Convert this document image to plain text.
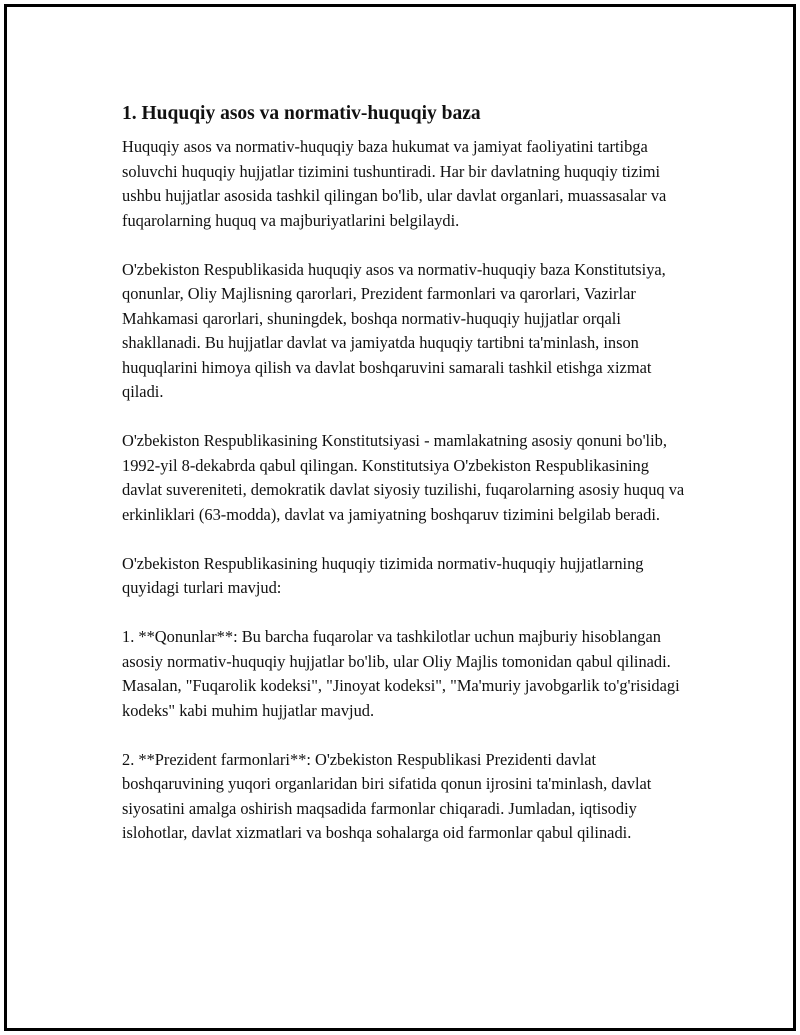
1. Huquqiy asos va normativ-huquqiy baza

Huquqiy asos va normativ-huquqiy baza hukumat va jamiyat faoliyatini tartibga soluvchi huquqiy hujjatlar tizimini tushuntiradi. Har bir davlatning huquqiy tizimi ushbu hujjatlar asosida tashkil qilingan bo'lib, ular davlat organlari, muassasalar va fuqarolarning huquq va majburiyatlarini belgilaydi.

O'zbekiston Respublikasida huquqiy asos va normativ-huquqiy baza Konstitutsiya, qonunlar, Oliy Majlisning qarorlari, Prezident farmonlari va qarorlari, Vazirlar Mahkamasi qarorlari, shuningdek, boshqa normativ-huquqiy hujjatlar orqali shakllanadi. Bu hujjatlar davlat va jamiyatda huquqiy tartibni ta'minlash, inson huquqlarini himoya qilish va davlat boshqaruvini samarali tashkil etishga xizmat qiladi.

O'zbekiston Respublikasining Konstitutsiyasi - mamlakatning asosiy qonuni bo'lib, 1992-yil 8-dekabrda qabul qilingan. Konstitutsiya O'zbekiston Respublikasining davlat suvereniteti, demokratik davlat siyosiy tuzilishi, fuqarolarning asosiy huquq va erkinliklari (63-modda), davlat va jamiyatning boshqaruv tizimini belgilab beradi.

O'zbekiston Respublikasining huquqiy tizimida normativ-huquqiy hujjatlarning quyidagi turlari mavjud:

1. **Qonunlar**: Bu barcha fuqarolar va tashkilotlar uchun majburiy hisoblangan asosiy normativ-huquqiy hujjatlar bo'lib, ular Oliy Majlis tomonidan qabul qilinadi. Masalan, "Fuqarolik kodeksi", "Jinoyat kodeksi", "Ma'muriy javobgarlik to'g'risidagi kodeks" kabi muhim hujjatlar mavjud.

2. **Prezident farmonlari**: O'zbekiston Respublikasi Prezidenti davlat boshqaruvining yuqori organlaridan biri sifatida qonun ijrosini ta'minlash, davlat siyosatini amalga oshirish maqsadida farmonlar chiqaradi. Jumladan, iqtisodiy islohotlar, davlat xizmatlari va boshqa sohalarga oid farmonlar qabul qilinadi.
